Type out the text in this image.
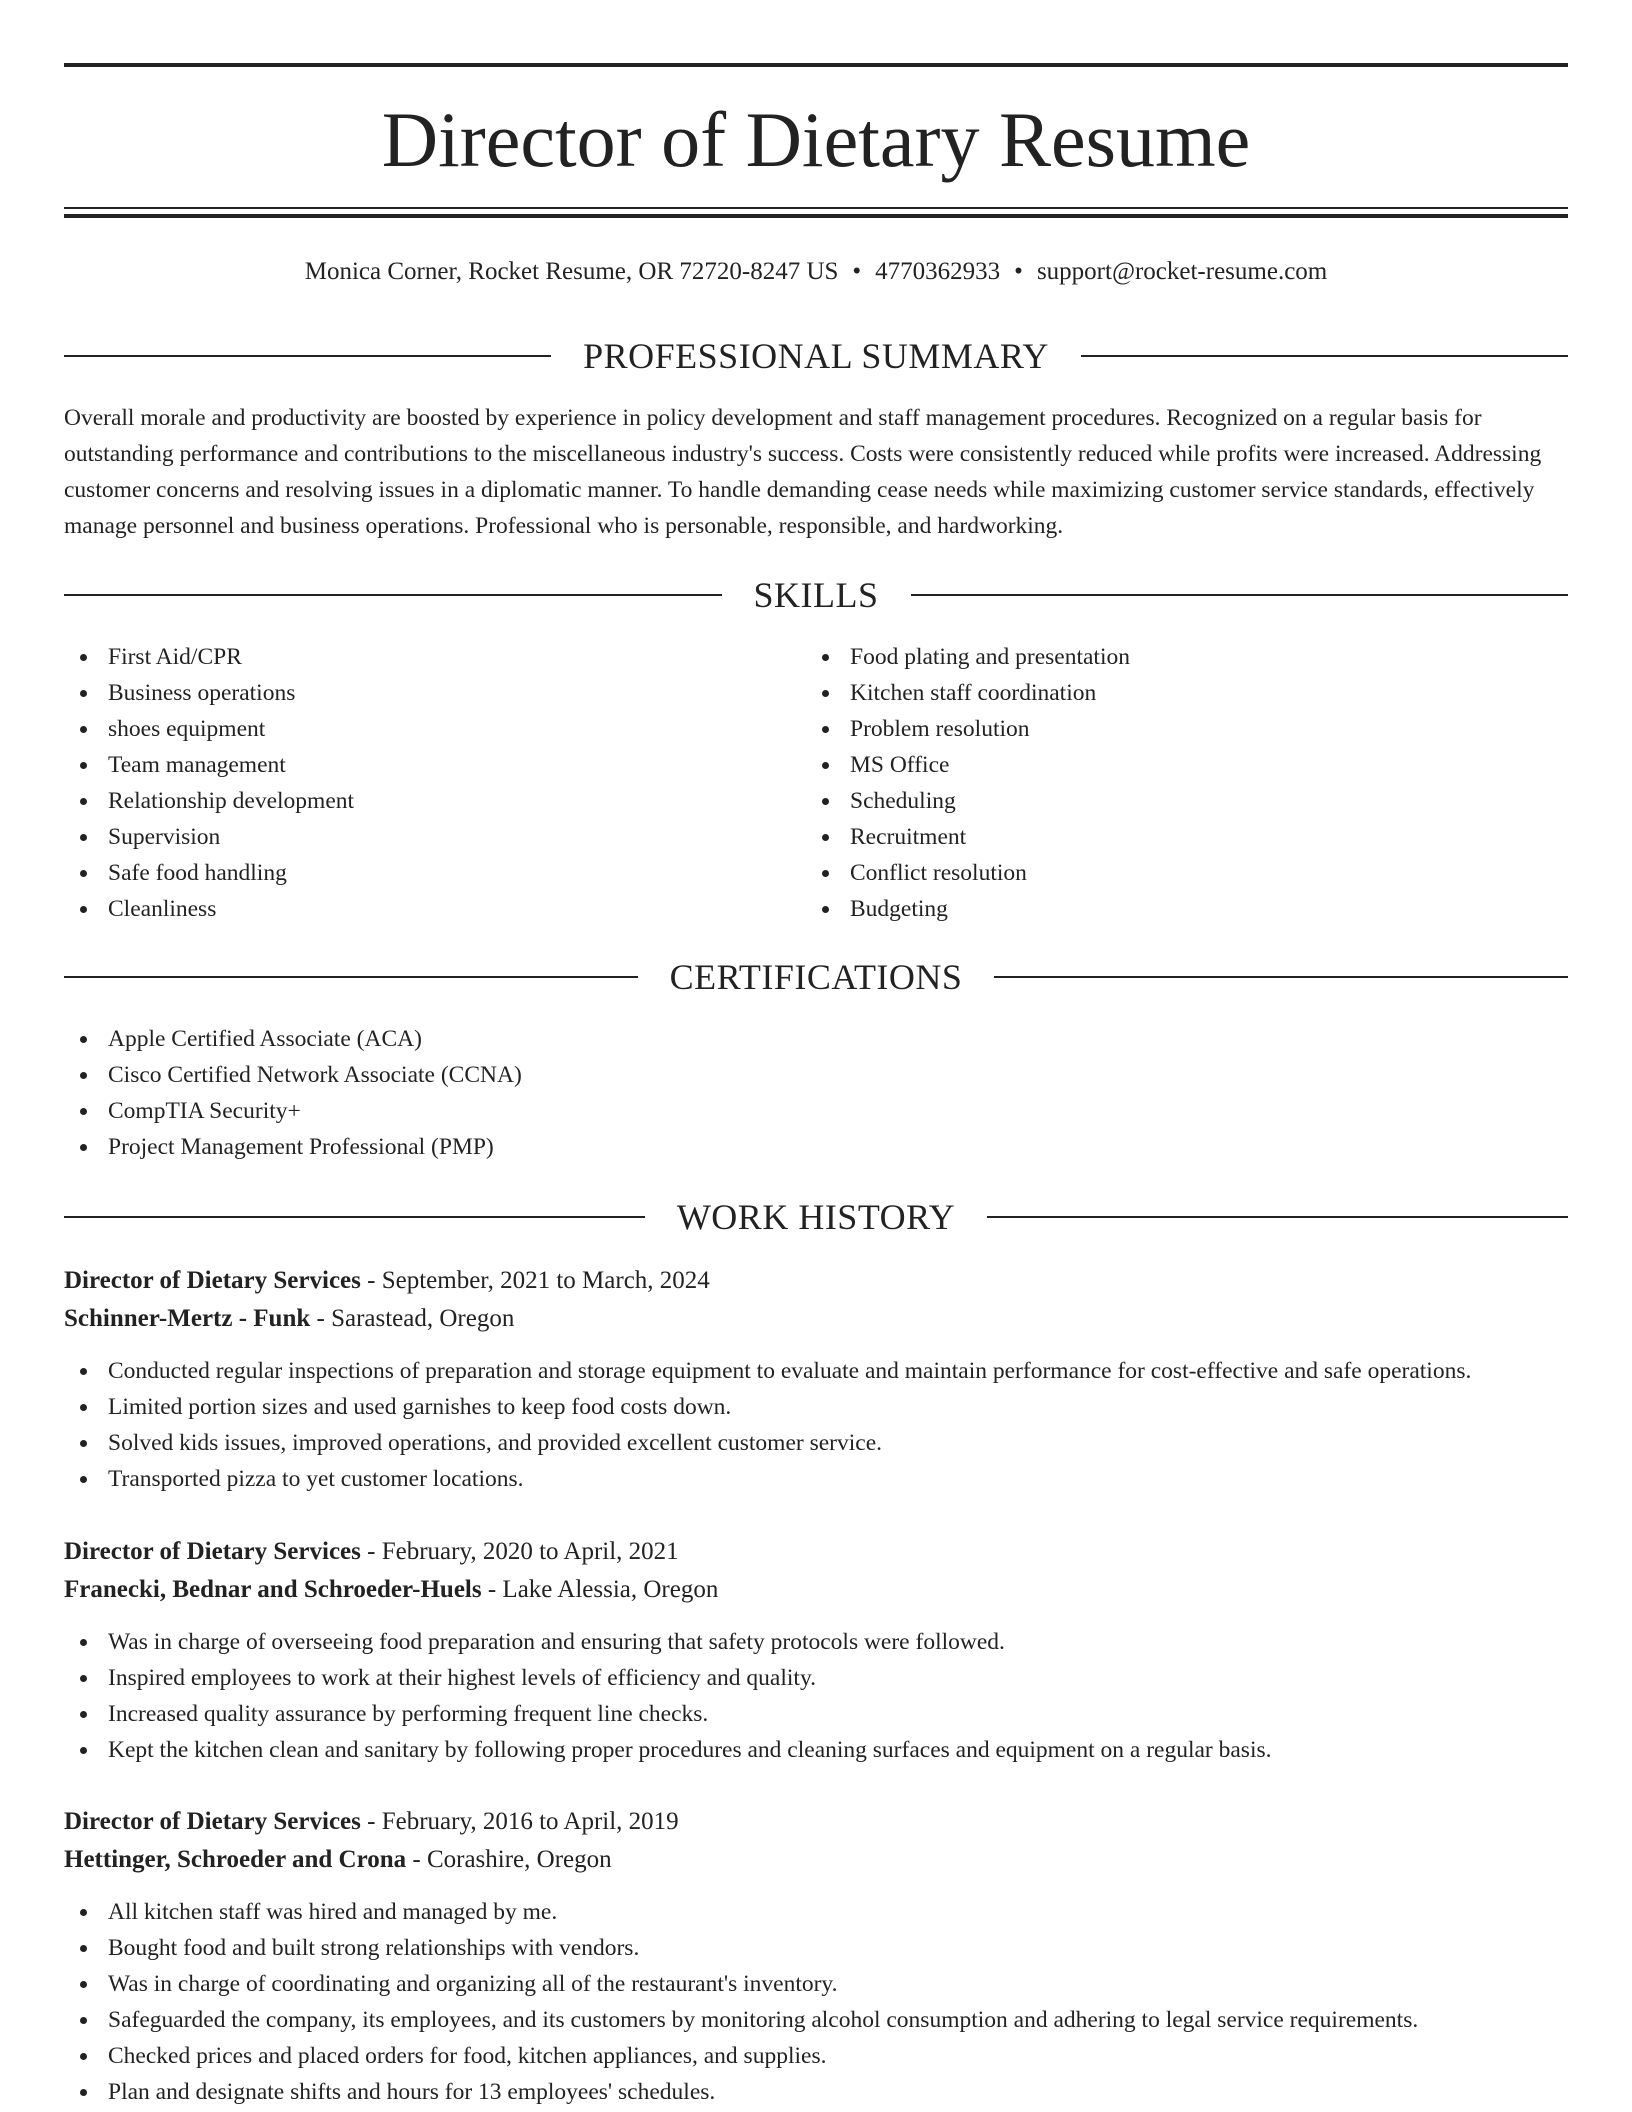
Director of Dietary Resume
Monica Corner, Rocket Resume, OR 72720-8247 US • 4770362933 • support@rocket-resume.com
PROFESSIONAL SUMMARY

Overall morale and productivity are boosted by experience in policy development and staff management procedures. Recognized on a regular basis for outstanding performance and contributions to the miscellaneous industry's success. Costs were consistently reduced while profits were increased. Addressing customer concerns and resolving issues in a diplomatic manner. To handle demanding cease needs while maximizing customer service standards, effectively manage personnel and business operations. Professional who is personable, responsible, and hardworking.

SKILLS
First Aid/CPR
Business operations
shoes equipment
Team management
Relationship development
Supervision
Safe food handling
Cleanliness
Food plating and presentation
Kitchen staff coordination
Problem resolution
MS Office
Scheduling
Recruitment
Conflict resolution
Budgeting
CERTIFICATIONS
Apple Certified Associate (ACA)
Cisco Certified Network Associate (CCNA)
CompTIA Security+
Project Management Professional (PMP)
WORK HISTORY
Director of Dietary Services - September, 2021 to March, 2024
Schinner-Mertz - Funk - Sarastead, Oregon
Conducted regular inspections of preparation and storage equipment to evaluate and maintain performance for cost-effective and safe operations.
Limited portion sizes and used garnishes to keep food costs down.
Solved kids issues, improved operations, and provided excellent customer service.
Transported pizza to yet customer locations.
Director of Dietary Services - February, 2020 to April, 2021
Franecki, Bednar and Schroeder-Huels - Lake Alessia, Oregon
Was in charge of overseeing food preparation and ensuring that safety protocols were followed.
Inspired employees to work at their highest levels of efficiency and quality.
Increased quality assurance by performing frequent line checks.
Kept the kitchen clean and sanitary by following proper procedures and cleaning surfaces and equipment on a regular basis.
Director of Dietary Services - February, 2016 to April, 2019
Hettinger, Schroeder and Crona - Corashire, Oregon
All kitchen staff was hired and managed by me.
Bought food and built strong relationships with vendors.
Was in charge of coordinating and organizing all of the restaurant's inventory.
Safeguarded the company, its employees, and its customers by monitoring alcohol consumption and adhering to legal service requirements.
Checked prices and placed orders for food, kitchen appliances, and supplies.
Plan and designate shifts and hours for 13 employees' schedules.
